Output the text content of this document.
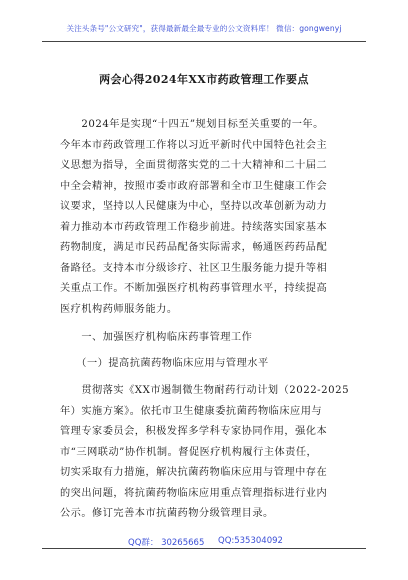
关注头条号"公文研究"，获得最新最全最专业的公文资料库！ 微信：gongwenyj
两会心得2024年XX市药政管理工作要点
　　2024年是实现“十四五”规划目标至关重要的一年。
今年本市药政管理工作将以习近平新时代中国特色社会主
义思想为指导，全面贯彻落实党的二十大精神和二十届二
中全会精神，按照市委市政府部署和全市卫生健康工作会
议要求，坚持以人民健康为中心，坚持以改革创新为动力
着力推动本市药政管理工作稳步前进。持续落实国家基本
药物制度，满足市民药品配备实际需求，畅通医药药品配
备路径。支持本市分级诊疗、社区卫生服务能力提升等相
关重点工作。不断加强医疗机构药事管理水平，持续提高
医疗机构药师服务能力。
　　一、加强医疗机构临床药事管理工作
　　（一）提高抗菌药物临床应用与管理水平
　　贯彻落实《XX市遏制微生物耐药行动计划（2022-2025
年）实施方案》。依托市卫生健康委抗菌药物临床应用与
管理专家委员会，积极发挥多学科专家协同作用，强化本
市“三网联动”协作机制。督促医疗机构履行主体责任，
切实采取有力措施，解决抗菌药物临床应用与管理中存在
的突出问题，将抗菌药物临床应用重点管理指标进行业内
公示。修订完善本市抗菌药物分级管理目录。
QQ群： 30265665 QQ:535304092
